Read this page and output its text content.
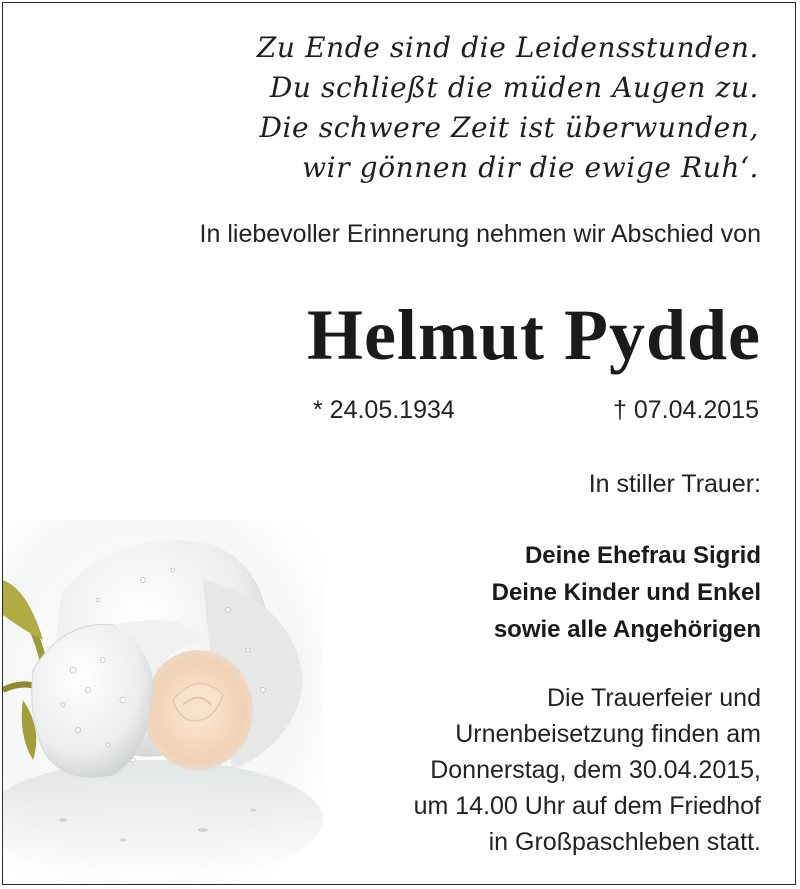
Zu Ende sind die Leidensstunden.
Du schließt die müden Augen zu.
Die schwere Zeit ist überwunden,
wir gönnen dir die ewige Ruh‘.
In liebevoller Erinnerung nehmen wir Abschied von
Helmut Pydde
* 24.05.1934	† 07.04.2015
In stiller Trauer:
Deine Ehefrau Sigrid
Deine Kinder und Enkel
sowie alle Angehörigen
Die Trauerfeier und
Urnenbeisetzung finden am
Donnerstag, dem 30.04.2015,
um 14.00 Uhr auf dem Friedhof
in Großpaschleben statt.
